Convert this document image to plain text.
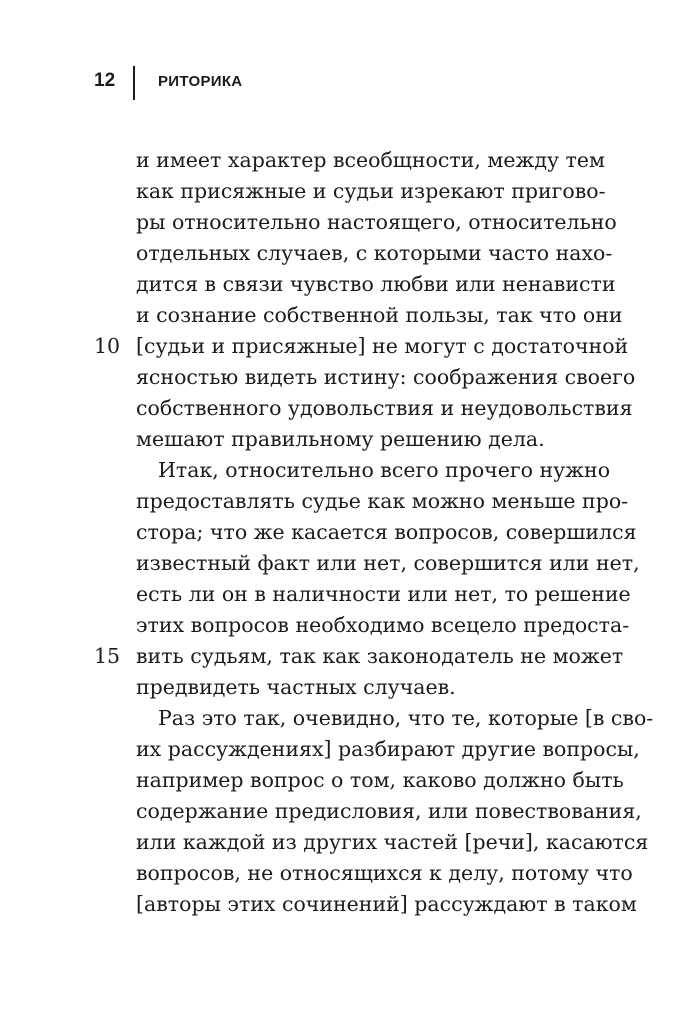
12	РИТОРИКА
и имеет характер всеобщности, между тем
как присяжные и судьи изрекают пригово-
ры относительно настоящего, относительно
отдельных случаев, с которыми часто нахо-
дится в связи чувство любви или ненависти
и сознание собственной пользы, так что они
10 [судьи и присяжные] не могут с достаточной
ясностью видеть истину: соображения своего
собственного удовольствия и неудовольствия
мешают правильному решению дела.
Итак, относительно всего прочего нужно
предоставлять судье как можно меньше про-
стора; что же касается вопросов, совершился
известный факт или нет, совершится или нет,
есть ли он в наличности или нет, то решение
этих вопросов необходимо всецело предоста-
15 вить судьям, так как законодатель не может
предвидеть частных случаев.
Раз это так, очевидно, что те, которые [в сво-
их рассуждениях] разбирают другие вопросы,
например вопрос о том, каково должно быть
содержание предисловия, или повествования,
или каждой из других частей [речи], касаются
вопросов, не относящихся к делу, потому что
[авторы этих сочинений] рассуждают в таком
